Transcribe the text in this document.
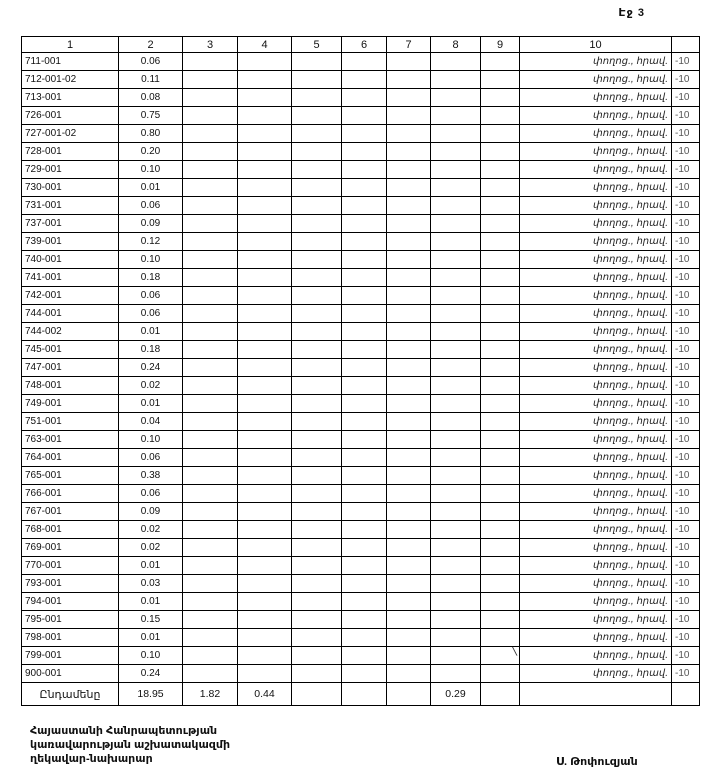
Էջ 3
1	2	3	4	5	6	7	8	9	10	
711-001	0.06								փողոց., հրավ.	-10
712-001-02	0.11								փողոց., հրավ.	-10
713-001	0.08								փողոց., հրավ.	-10
726-001	0.75								փողոց., հրավ.	-10
727-001-02	0.80								փողոց., հրավ.	-10
728-001	0.20								փողոց., հրավ.	-10
729-001	0.10								փողոց., հրավ.	-10
730-001	0.01								փողոց., հրավ.	-10
731-001	0.06								փողոց., հրավ.	-10
737-001	0.09								փողոց., հրավ.	-10
739-001	0.12								փողոց., հրավ.	-10
740-001	0.10								փողոց., հրավ.	-10
741-001	0.18								փողոց., հրավ.	-10
742-001	0.06								փողոց., հրավ.	-10
744-001	0.06								փողոց., հրավ.	-10
744-002	0.01								փողոց., հրավ.	-10
745-001	0.18								փողոց., հրավ.	-10
747-001	0.24								փողոց., հրավ.	-10
748-001	0.02								փողոց., հրավ.	-10
749-001	0.01								փողոց., հրավ.	-10
751-001	0.04								փողոց., հրավ.	-10
763-001	0.10								փողոց., հրավ.	-10
764-001	0.06								փողոց., հրավ.	-10
765-001	0.38								փողոց., հրավ.	-10
766-001	0.06								փողոց., հրավ.	-10
767-001	0.09								փողոց., հրավ.	-10
768-001	0.02								փողոց., հրավ.	-10
769-001	0.02								փողոց., հրավ.	-10
770-001	0.01								փողոց., հրավ.	-10
793-001	0.03								փողոց., հրավ.	-10
794-001	0.01								փողոց., հրավ.	-10
795-001	0.15								փողոց., հրավ.	-10
798-001	0.01								փողոց., հրավ.	-10
799-001	0.10							╲	փողոց., հրավ.	-10
900-001	0.24								փողոց., հրավ.	-10
Ընդամենը	18.95	1.82	0.44				0.29			
Հայաստանի Հանրապետության
կառավարության աշխատակազմի
ղեկավար-նախարար	Ս. Թոփուզյան
